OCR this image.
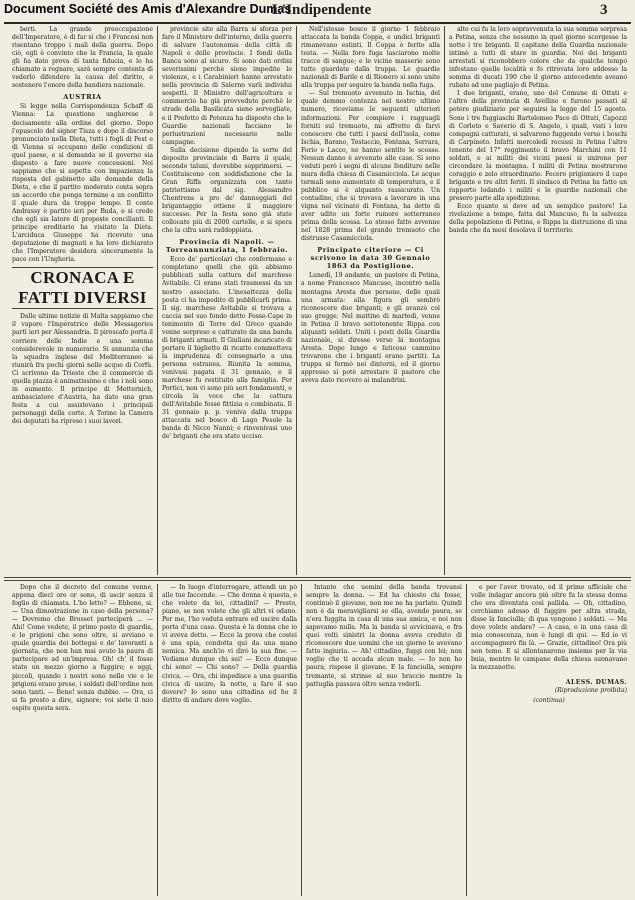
Document Société des Amis d'Alexandre Dumas
L'Indipendente	3

berti. La grande preoccupazione dell'Imperatore, è di far sì che i Francesi non risentano troppo i mali della guerra. Dopo ciò, egli è convinto che la Francia, la quale gli ha dato prova di tanta fiducia, e lo ha chiamato a regnare, sarà sempre contenta di vederlo difendere la causa del diritto, e sostenere l'onore della bandiera nazionale.

AUSTRIA

Si legge nella Corrispondenza Schaff di Vienna: La questione ungherese è decisamente alla ordine del giorno. Dopo l'opuscolo del signor Tisza e dopo il discorso pronunciato nella Dieta, tutti i fogli di Pest e di Vienna si occupano delle condizioni di quel paese, e si domanda se il governo sia disposto a fare nuove concessioni. Noi sappiamo che si aspetta con impazienza la risposta del gabinetto alle domande della Dieta, e che il partito moderato conta sopra un accordo che ponga termine a un conflitto il quale dura da troppo tempo. Il conte Andrassy è partito ieri per Buda, e si crede che egli sia latore di proposte concilianti. Il principe ereditario ha visitato la Dieta. L'arciduca Giuseppe ha ricevuto una deputazione di magnati e ha loro dichiarato che l'Imperatore desidera sinceramente la pace con l'Ungheria.

CRONACA E FATTI DIVERSI

Dalle ultime notizie di Malta sappiamo che il vapore l'Impératrice delle Messageries partì ieri per Alessandria. Il piroscafo porta il corriere delle Indie e una somma considerevole in numerario. Si annunzia che la squadra inglese del Mediterraneo si riunirà fra pochi giorni nelle acque di Corfù. Ci scrivono da Trieste che il commercio di quella piazza è animatissimo e che i noli sono in aumento. Il principe di Metternich, ambasciatore d'Austria, ha dato una gran festa a cui assistevano i principali personaggi della corte. A Torino la Camera dei deputati ha ripreso i suoi lavori.

provincie site alla Barra si sforza per fare il Ministero dell'interno, della guerra di salvare l'autonomia della città di Napoli e delle provincie. I fondi della Banca sono al sicuro. Si sono dati ordini severissimi perchè sieno impedite le violenze, e i Carabinieri hanno arrestato nella provincia di Salerno varii individui sospetti. Il Ministro dell'agricoltura e commercio ha già provveduto perchè le strade della Basilicata sieno sorvegliate, e il Prefetto di Potenza ha disposto che le Guardie nazionali facciano le perlustrazioni necessarie nelle campagne.

Sulla decisione dipende la sorte del deposito provinciale di Barra il quale, secondo taluni, dovrebbe sopprimersi. — Costituiscono con soddisfazione che la Gran Riffa organizzata con tanto patriottismo dal sig. Alessandro Chentrens a pro de' danneggiati del brigantaggio ottiene il maggiore successo. Per la festa sono già state collocate più di 2000 cartelle, e si spera che la cifra sarà raddoppiata.

Provincia di Napoli. — Torreannunziata, 1 febbraio.

Ecco de' particolari che confermano e completano quelli che già abbiamo pubblicati sulla cattura del marchese Avitabile. Ci erano stati trasmessi da un nostro associato. L'inesattezza della posta ci ha impedito di pubblicarli prima. Il sig. marchese Avitabile si trovava a caccia nel suo fondo detto Fosse-Cape in tenimento di Torre del Greco quando venne sorpreso e catturato da una banda di briganti armati. Il Giuliani incaricato di portare il biglietto di ricatto commetteva la imprudenza di consegnarlo a una persona estranea. Riunita la somma, venivasi pagata il 31 gennaio, e il marchese fu restituito alla famiglia. Per Portici, non vi sono più seri fondamenti, e circola la voce che la cattura dell'Avitabile fosse fittizia o combinata. Il 31 gennaio p. p. veniva dalla truppa attaccata nel bosco di Lago Pesole la banda di Nicco Nanni; e rinvenivasi uno de' briganti che era stato ucciso.

Nell'istesso bosco il giorno 1 febbraio attaccata la banda Coppa, e undici briganti rimanevano estinti. Il Coppa è ferito alla testa. — Nella foro fuga lasciarono molte tracce di sangue; e le vicine masserie sono tutte guardate dalla truppa. Le guardie nazionali di Barile e di Rionero si sono unite alla truppa per seguire la banda nella fuga.

— Sul tremuoto avvenuto in Ischia, del quale demmo contezza nel nostro ultimo numero, riceviamo le seguenti ulteriori informazioni. Per compiere i ragguagli forniti sul tremuoto, mi affretto di farvi conoscere che tutti i paesi dell'isola, come Ischia, Barano, Testaccio, Fontana, Serrara, Forio e Lacco, ne hanno sentite le scosse. Nessun danno è avvenuto alle case. Si sono veduti però i segni di alcune fenditure nelle mura della chiesa di Casamicciola. Le acque termali sono aumentate di temperatura, e il pubblico si è alquanto rassicurato. Un contadino, che si trovava a lavorare in una vigna nel vicinato di Fontana, ha detto di aver udito un forte rumore sotterraneo prima della scossa. Lo stesso fatto avvenne nel 1828 prima del grande tremuoto che distrusse Casamicciola.

Principato citeriore — Ci scrivono in data 30 Gennaio 1863 da Postiglione.

Lunedì, 19 andante, un pastore di Petina, a nome Francesco Mancuso, incontrò nella montagna Aresta due persone, delle quali una armata: alla figura gli sembrò riconoscere due briganti; e gli avanzò col suo gregge. Nel mattino di martedì, venne in Petina il bravo sottotenente Rippa con alquanti soldati. Uniti i posti della Guardia nazionale, si diresse verso la montagna Aresta. Dopo lungo e faticoso cammino trovarono che i briganti erano partiti. La truppa si fermò nei dintorni, ed il giorno appresso si potè arrestare il pastore che aveva dato ricovero ai malandrini.

alto cui fu la loro sopravvenuta la sua somma sorpresa a Petina, senza che nessuno in quel giorno scorgesse la notte i tre briganti. Il capitano della Guardia nazionale intimò a tutti di stare in guardia. Noi dei briganti arrestati si riconobbero colore che da qualche tempo infestano quelle località e fo ritrovata loro addosso la somma di ducati 190 che il giorno antecedente aveano rubato ad uno pagliajo di Petina.

I due briganti, erano, uno del Comune di Ottati e l'altro della provincia di Avellino e furono passati al potere giudiziario per seguirsi la legge del 15 agosto. Sono i tre fuggiaschi Bartolomeo Pace di Ottati, Capozzi di Corleto e Saverio di S. Angelo, i quali, visti i loro compagni catturati, si salvarono fuggendo verso i boschi di Carpineto. Infatti mercoledì recussi in Petina l'altro tenente del 17° reggimento il bravo Marchini con 11 soldati, e ai militi dei vicini paesi si unirono per circondare la montagna. I militi di Petina mostrarono coraggio e zelo straordinario. Fecero prigioniero il capo brigante e tre altri feriti. Il sindaco di Petina ha fatto un rapporto lodando i militi e le guardie nazionali che presero parte alla spedizione.

Ecco quanto si deve ad un semplice pastore! La rivelazione a tempo, fatta dal Mancuso, fu la salvezza della popolazione di Petina, e Rippa la distruzione di una banda che da mesi desolava il territorio.

Dopo che il decreto del comune venne, appena dieci ore or sono, di uscir senza il foglio di chiamata. L'ho letto? — Ebbene, si. — Una dimostrazione in caso della persona? — Dovremo che Brosset parteciperà ... — Ahi! Come vedete, il primo posto di guardia, e le prigioni che sono oltre, si avviano e quale guardia dei bottegai e de' lavoranti a giornata, che non han mai avuto la paura di partecipare ad un'impresa. Oh! ch' il fosse stato un mezzo giorno a fuggire; e oggi, piccoli, quando i nostri sono nelle vie e le prigioni erano prese, i soldati dell'ordine non sono tanti. — Bene! senza dubbio. — Ora, ci si fa presto a dire, signore; voi siete il mio ospite questa sera.

— In luogo d'interrogare, attendi un pò alle tue faccende. — Che donna è questa, e che volete da lei, cittadini? — Presto, piano, se non volete che gli altri vi odano. Per me, l'ho veduta entrare ed uscire dalla porta d'una casa. Questa è la donna che io vi aveva detto. — Ecco la prova che costei è una spia, condotta qui da una mano nemica. Ma anch'io vi dirò la sua fine. — Vediamo dunque chi sei! — Ecco dunque chi sono! — Chi sono? — Della guardia civica. — Ora, chi impedisce a una guardia civica di uscire, la notte, a fare il suo dovere? Io sono una cittadina ed ho il diritto di andare dove voglio.

Intanto che uomini della banda trovansi sempre la donna. — Ed ha chiesto chi fosse, continuò il giovane, non me ne ha parlato. Quindi non è da meravigliarsi se ella, avendo paura, se n'era fuggita in casa di una sua amica, e noi non sapevamo nulla. Ma la banda si avvicinava, e fra quei volti sinistri la donna aveva creduto di riconoscere due uomini che un giorno le avevano fatto ingiuria. — Ah! cittadino, fuggi con lei; non voglio che ti accada alcun male. — Io non ho paura, rispose il giovane. E la fanciulla, sempre tremante, si strinse al suo braccio mentre la pattuglia passava oltre senza vederli.

e per l'aver trovato, ed il primo ufficiale che volle indagar ancora più oltre fu la stessa donna che era diventata così pallida. — Oh, cittadino, cerchiamo adesso di fuggire per altra strada, disse la fanciulla; di qua vengono i soldati. — Ma dove volete andare? — A casa, o in una casa di mia conoscenza, non è lungi di qui. — Ed io vi accompagnerò fin là. — Grazie, cittadino! Ora più non temo. E si allontanarono insieme per la via buia, mentre le campane della chiesa suonavano la mezzanotte.

ALESS. DUMAS.
(Riproduzione proibita)
(continua)
